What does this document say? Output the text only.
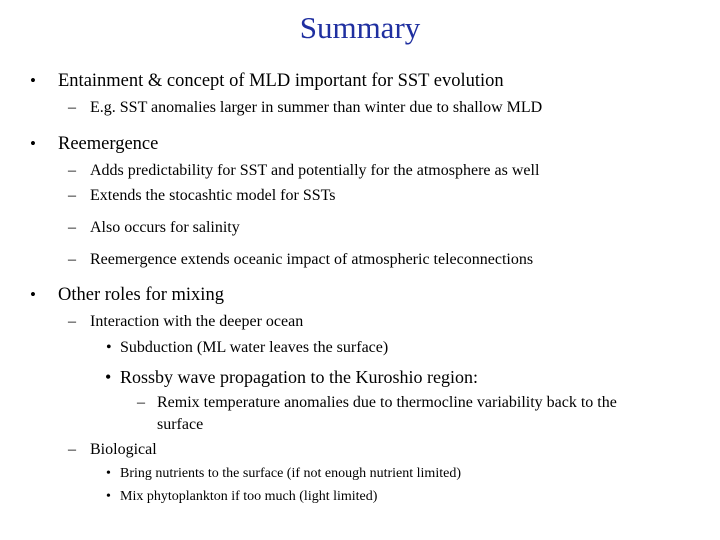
Summary
• Entainment & concept of MLD important for SST evolution
– E.g. SST anomalies larger in summer than winter due to shallow MLD
• Reemergence
– Adds predictability for SST and potentially for the atmosphere as well
– Extends the stocashtic model for SSTs
– Also occurs for salinity
– Reemergence extends oceanic impact of atmospheric teleconnections
• Other roles for mixing
– Interaction with the deeper ocean
• Subduction (ML water leaves the surface)
• Rossby wave propagation to the Kuroshio region:
– Remix temperature anomalies due to thermocline variability back to the
surface
– Biological
• Bring nutrients to the surface (if not enough nutrient limited)
• Mix phytoplankton if too much (light limited)
